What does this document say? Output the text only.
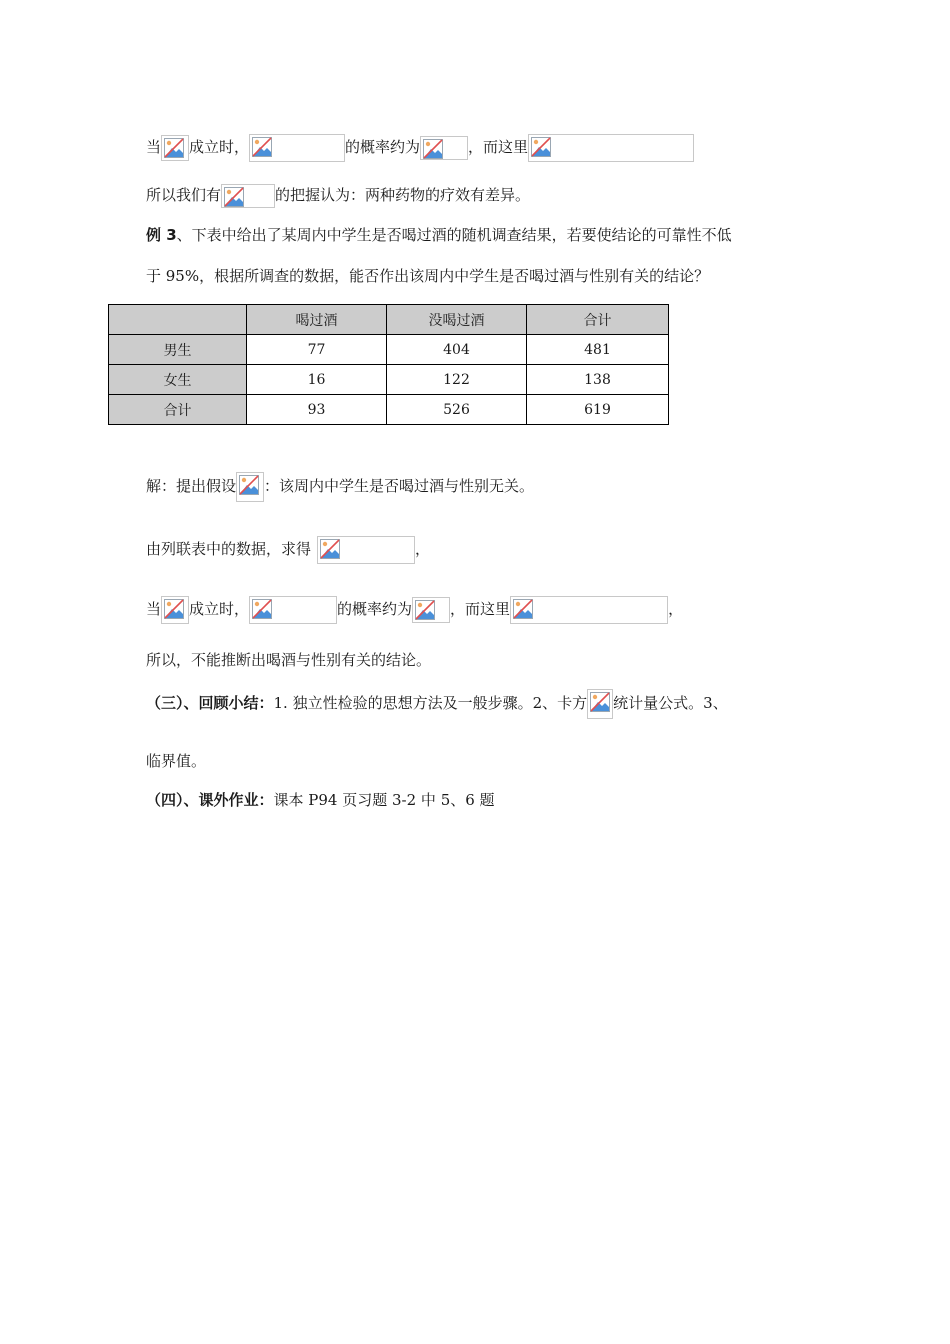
当 成立时，	的概率约为	，而这里
所以我们有	的把握认为：两种药物的疗效有差异。
例 3、下表中给出了某周内中学生是否喝过酒的随机调查结果，若要使结论的可靠性不低
于 95%，根据所调查的数据，能否作出该周内中学生是否喝过酒与性别有关的结论？
	喝过酒	没喝过酒	合计
男生	77	404	481
女生	16	122	138
合计	93	526	619
解：提出假设 ：该周内中学生是否喝过酒与性别无关。
由列联表中的数据，求得	，
当 成立时，	的概率约为	，而这里	，
所以，不能推断出喝酒与性别有关的结论。
（三）、回顾小结：1. 独立性检验的思想方法及一般步骤。2、卡方 统计量公式。3、
临界值。
（四）、课外作业：课本 P94 页习题 3-2 中 5、6 题
